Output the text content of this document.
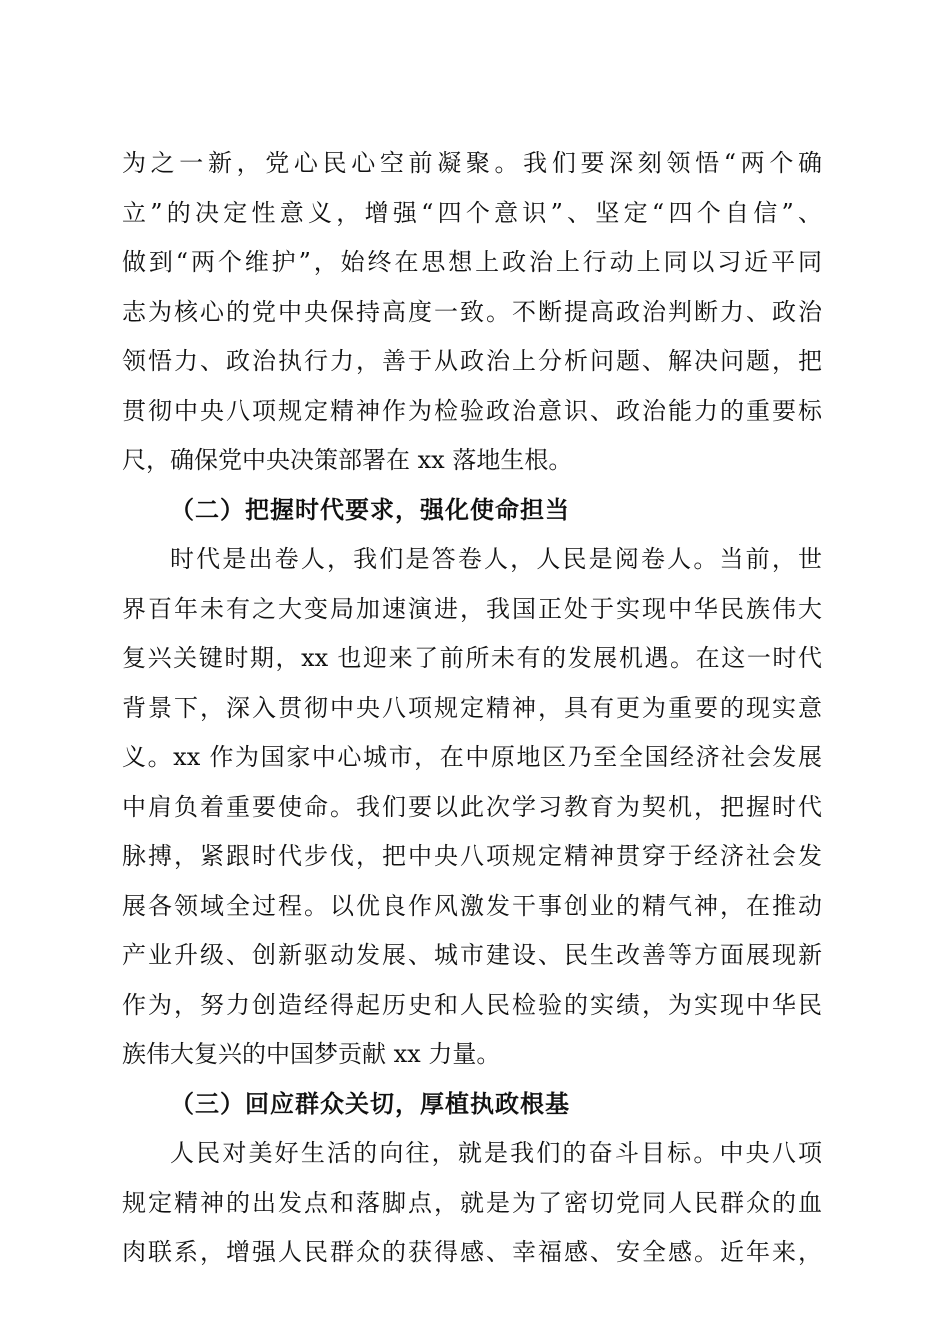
为之一新，党心民心空前凝聚。我们要深刻领悟“两个确
立”的决定性意义，增强“四个意识”、坚定“四个自信”、
做到“两个维护”，始终在思想上政治上行动上同以习近平同
志为核心的党中央保持高度一致。不断提高政治判断力、政治
领悟力、政治执行力，善于从政治上分析问题、解决问题，把
贯彻中央八项规定精神作为检验政治意识、政治能力的重要标
尺，确保党中央决策部署在 xx 落地生根。
（二）把握时代要求，强化使命担当
时代是出卷人，我们是答卷人，人民是阅卷人。当前，世
界百年未有之大变局加速演进，我国正处于实现中华民族伟大
复兴关键时期，xx 也迎来了前所未有的发展机遇。在这一时代
背景下，深入贯彻中央八项规定精神，具有更为重要的现实意
义。xx 作为国家中心城市，在中原地区乃至全国经济社会发展
中肩负着重要使命。我们要以此次学习教育为契机，把握时代
脉搏，紧跟时代步伐，把中央八项规定精神贯穿于经济社会发
展各领域全过程。以优良作风激发干事创业的精气神，在推动
产业升级、创新驱动发展、城市建设、民生改善等方面展现新
作为，努力创造经得起历史和人民检验的实绩，为实现中华民
族伟大复兴的中国梦贡献 xx 力量。
（三）回应群众关切，厚植执政根基
人民对美好生活的向往，就是我们的奋斗目标。中央八项
规定精神的出发点和落脚点，就是为了密切党同人民群众的血
肉联系，增强人民群众的获得感、幸福感、安全感。近年来，
